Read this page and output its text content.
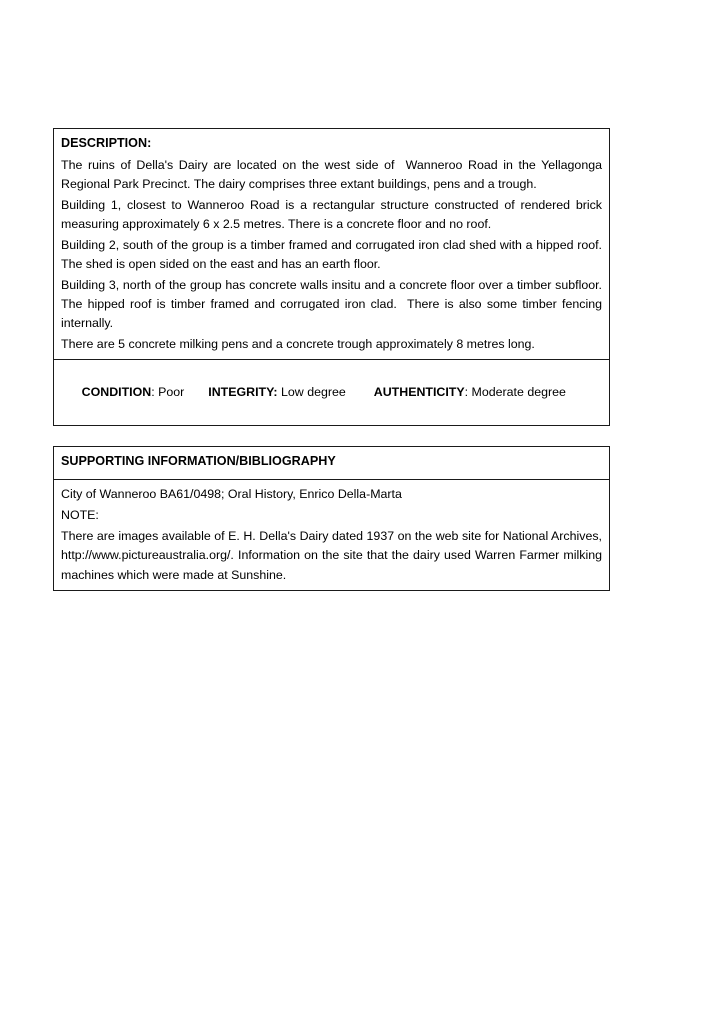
DESCRIPTION:

The ruins of Della's Dairy are located on the west side of  Wanneroo Road in the Yellagonga Regional Park Precinct. The dairy comprises three extant buildings, pens and a trough.

Building 1, closest to Wanneroo Road is a rectangular structure constructed of rendered brick measuring approximately 6 x 2.5 metres. There is a concrete floor and no roof.

Building 2, south of the group is a timber framed and corrugated iron clad shed with a hipped roof. The shed is open sided on the east and has an earth floor.

Building 3, north of the group has concrete walls insitu and a concrete floor over a timber subfloor. The hipped roof is timber framed and corrugated iron clad.  There is also some timber fencing internally.

There are 5 concrete milking pens and a concrete trough approximately 8 metres long.

CONDITION: Poor INTEGRITY: Low degree AUTHENTICITY: Moderate degree

SUPPORTING INFORMATION/BIBLIOGRAPHY

City of Wanneroo BA61/0498; Oral History, Enrico Della-Marta

NOTE:

There are images available of E. H. Della's Dairy dated 1937 on the web site for National Archives, http://www.pictureaustralia.org/. Information on the site that the dairy used Warren Farmer milking machines which were made at Sunshine.
